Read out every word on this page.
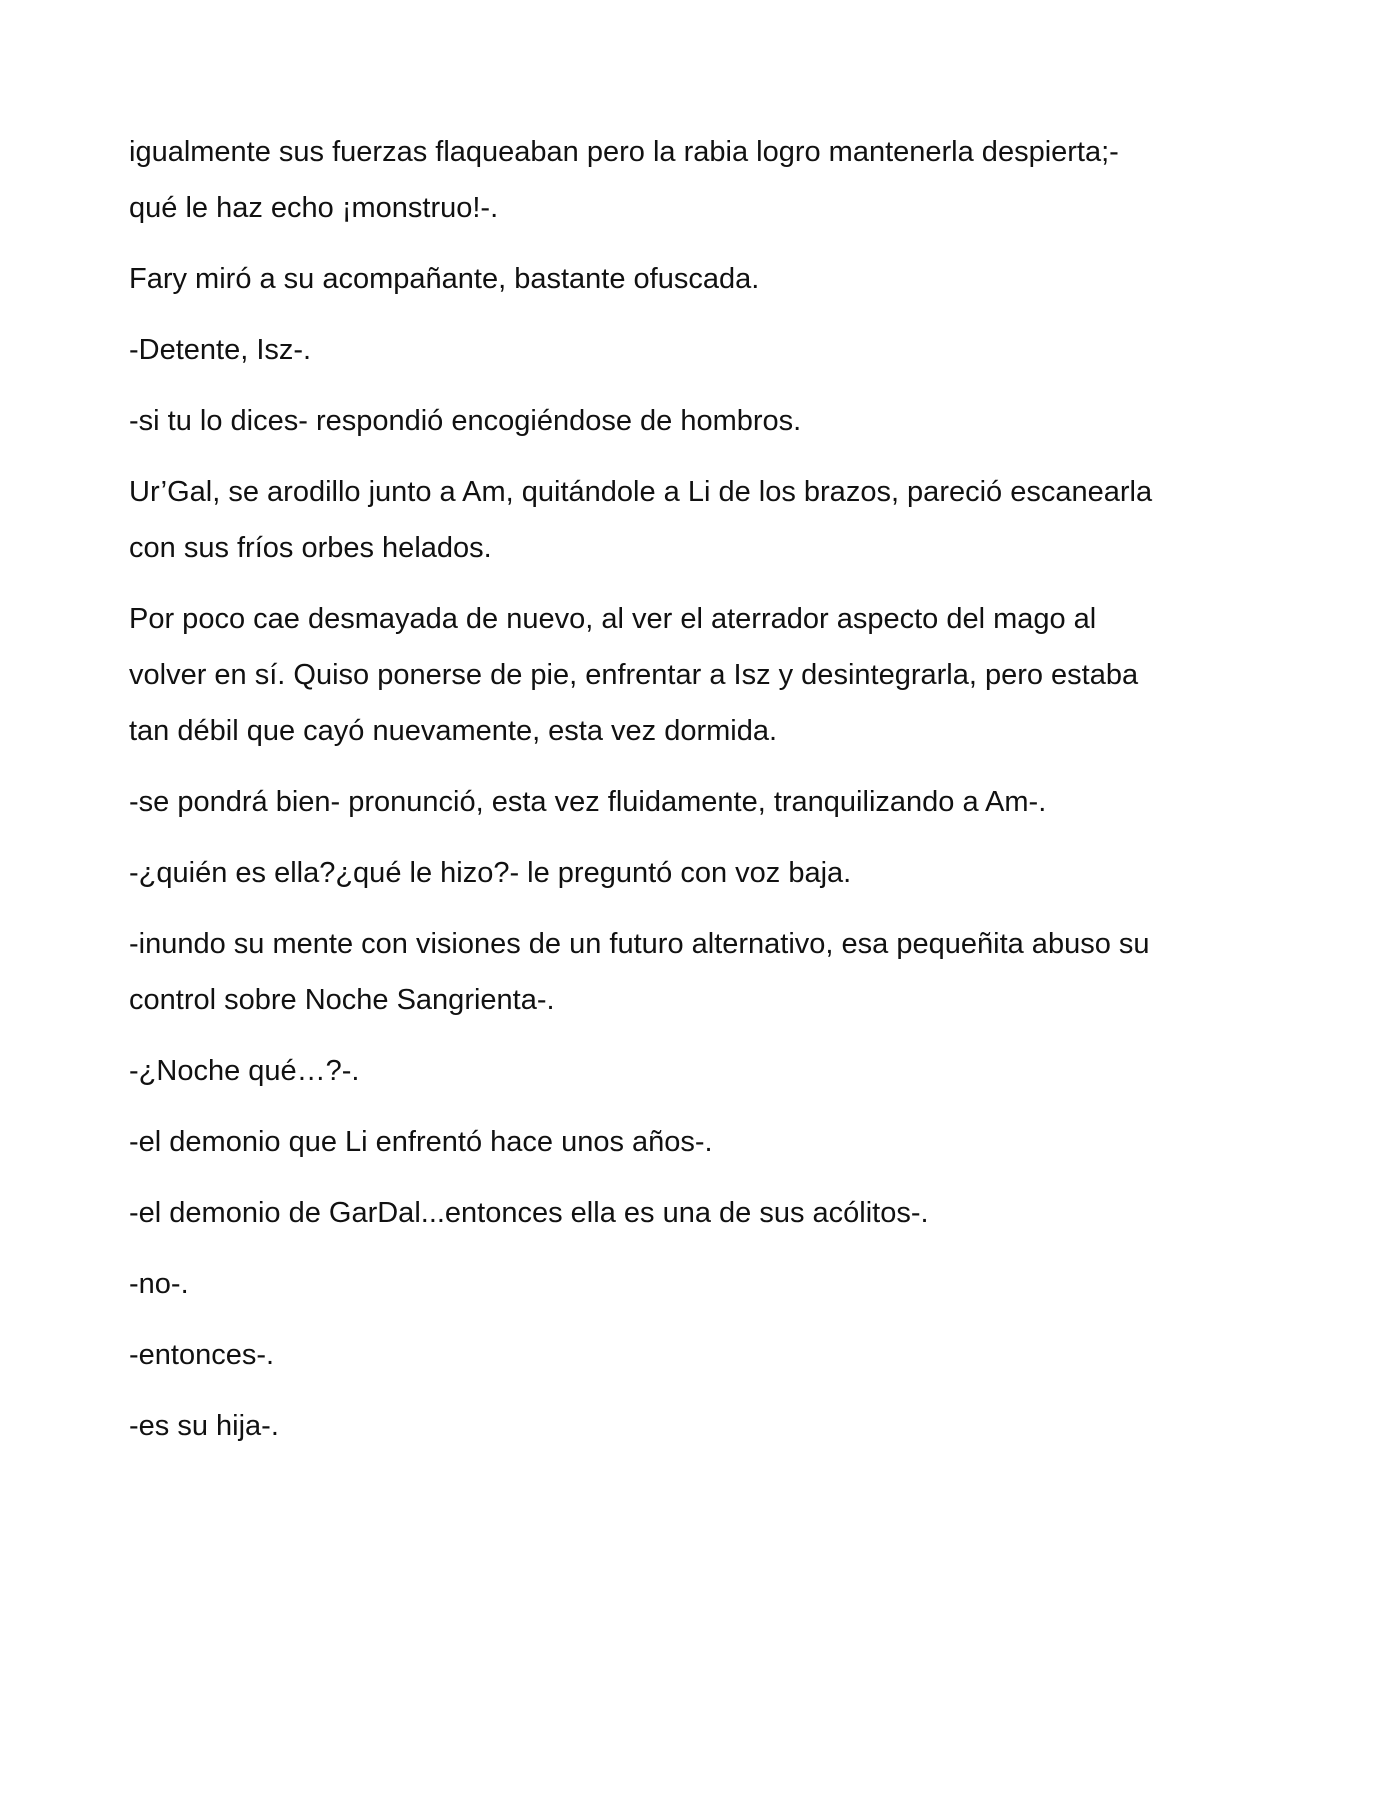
igualmente sus fuerzas flaqueaban pero la rabia logro mantenerla despierta;-
qué le haz echo ¡monstruo!-.

Fary miró a su acompañante, bastante ofuscada.

-Detente, Isz-.

-si tu lo dices- respondió encogiéndose de hombros.

Ur’Gal, se arodillo junto a Am, quitándole a Li de los brazos, pareció escanearla
con sus fríos orbes helados.

Por poco cae desmayada de nuevo, al ver el aterrador aspecto del mago al
volver en sí. Quiso ponerse de pie, enfrentar a Isz y desintegrarla, pero estaba
tan débil que cayó nuevamente, esta vez dormida.

-se pondrá bien- pronunció, esta vez fluidamente, tranquilizando a Am-.

-¿quién es ella?¿qué le hizo?- le preguntó con voz baja.

-inundo su mente con visiones de un futuro alternativo, esa pequeñita abuso su
control sobre Noche Sangrienta-.

-¿Noche qué…?-.

-el demonio que Li enfrentó hace unos años-.

-el demonio de GarDal...entonces ella es una de sus acólitos-.

-no-.

-entonces-.

-es su hija-.
